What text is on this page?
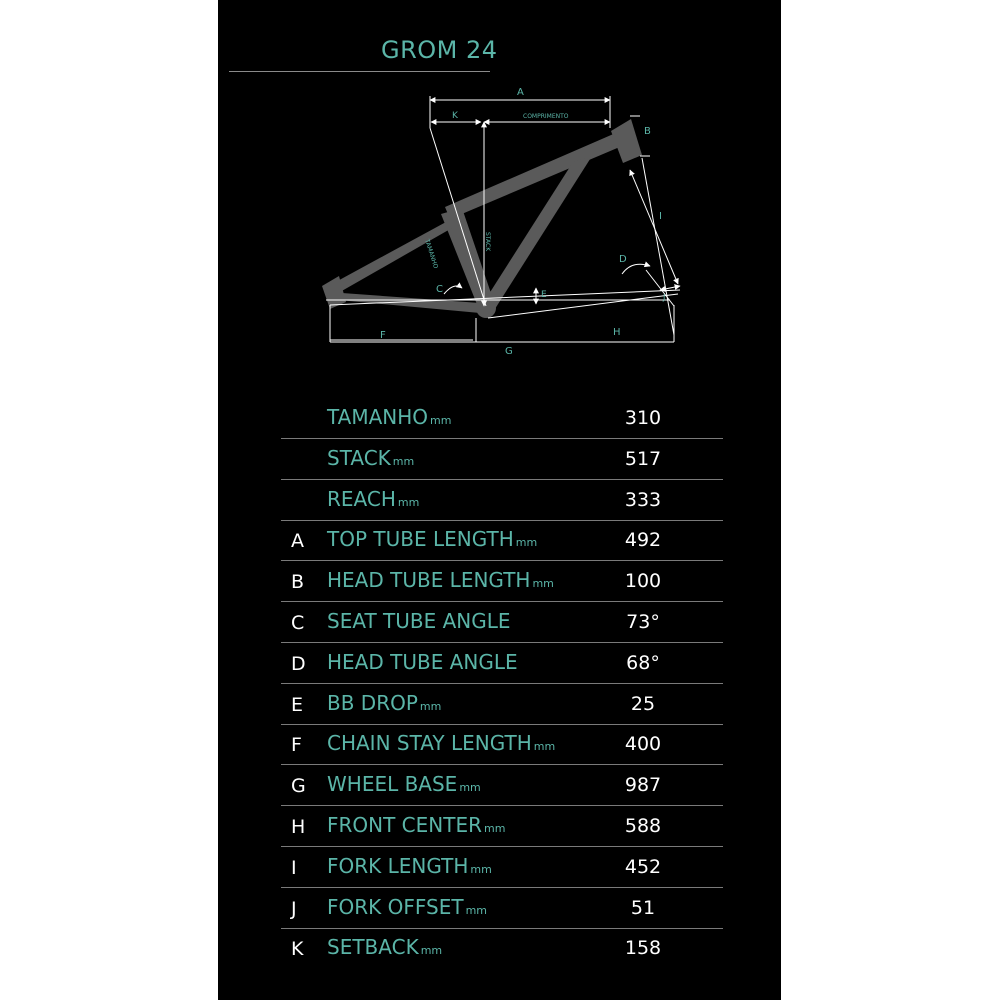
GROM 24
A
B
C
D
E
F
G
H
I
J
K	COMPRIMENTO
STACK
TAMANHO
TAMANHO mm	310
STACK mm	517
REACH mm	333
A	TOP TUBE LENGTH mm	492
B	HEAD TUBE LENGTH mm	100
C	SEAT TUBE ANGLE	73°
D HEAD TUBE ANGLE	68°
E	BB DROP mm	25
F	CHAIN STAY LENGTH mm	400
G WHEEL BASE mm	987
H FRONT CENTER mm	588
I	FORK LENGTH mm	452
J	FORK OFFSET mm	51
K	SETBACK mm	158
